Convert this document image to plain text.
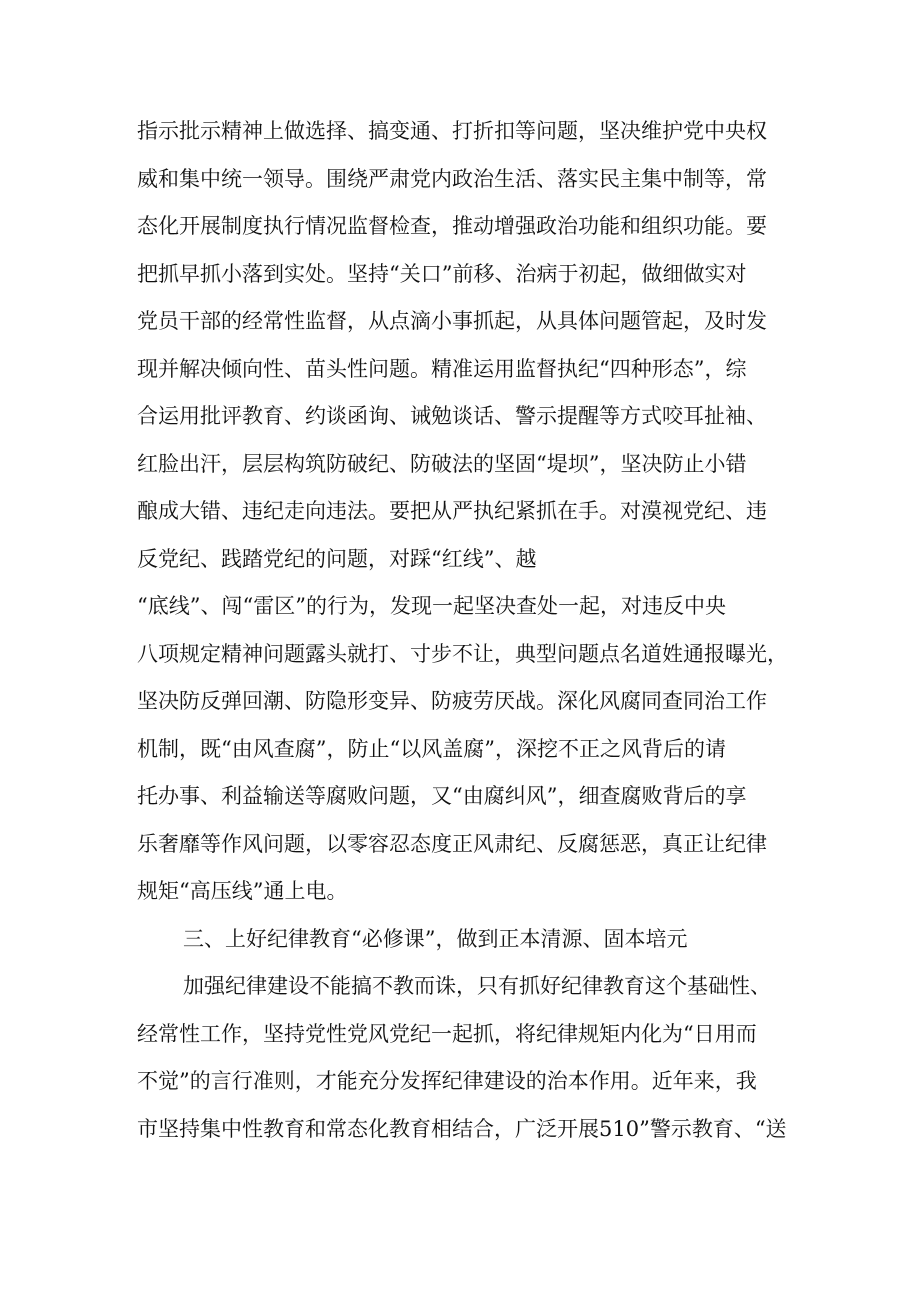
指示批示精神上做选择、搞变通、打折扣等问题，坚决维护党中央权
威和集中统一领导。围绕严肃党内政治生活、落实民主集中制等，常
态化开展制度执行情况监督检查，推动增强政治功能和组织功能。要
把抓早抓小落到实处。坚持“关口”前移、治病于初起，做细做实对
党员干部的经常性监督，从点滴小事抓起，从具体问题管起，及时发
现并解决倾向性、苗头性问题。精准运用监督执纪“四种形态”，综
合运用批评教育、约谈函询、诫勉谈话、警示提醒等方式咬耳扯袖、
红脸出汗，层层构筑防破纪、防破法的坚固“堤坝”，坚决防止小错
酿成大错、违纪走向违法。要把从严执纪紧抓在手。对漠视党纪、违
反党纪、践踏党纪的问题，对踩“红线”、越
“底线”、闯“雷区”的行为，发现一起坚决查处一起，对违反中央
八项规定精神问题露头就打、寸步不让，典型问题点名道姓通报曝光，
坚决防反弹回潮、防隐形变异、防疲劳厌战。深化风腐同查同治工作
机制，既“由风查腐”，防止“以风盖腐”，深挖不正之风背后的请
托办事、利益输送等腐败问题，又“由腐纠风”，细查腐败背后的享
乐奢靡等作风问题，以零容忍态度正风肃纪、反腐惩恶，真正让纪律
规矩“高压线”通上电。
三、上好纪律教育“必修课”，做到正本清源、固本培元
加强纪律建设不能搞不教而诛，只有抓好纪律教育这个基础性、
经常性工作，坚持党性党风党纪一起抓，将纪律规矩内化为“日用而
不觉”的言行准则，才能充分发挥纪律建设的治本作用。近年来，我
市坚持集中性教育和常态化教育相结合，广泛开展510”警示教育、“送
